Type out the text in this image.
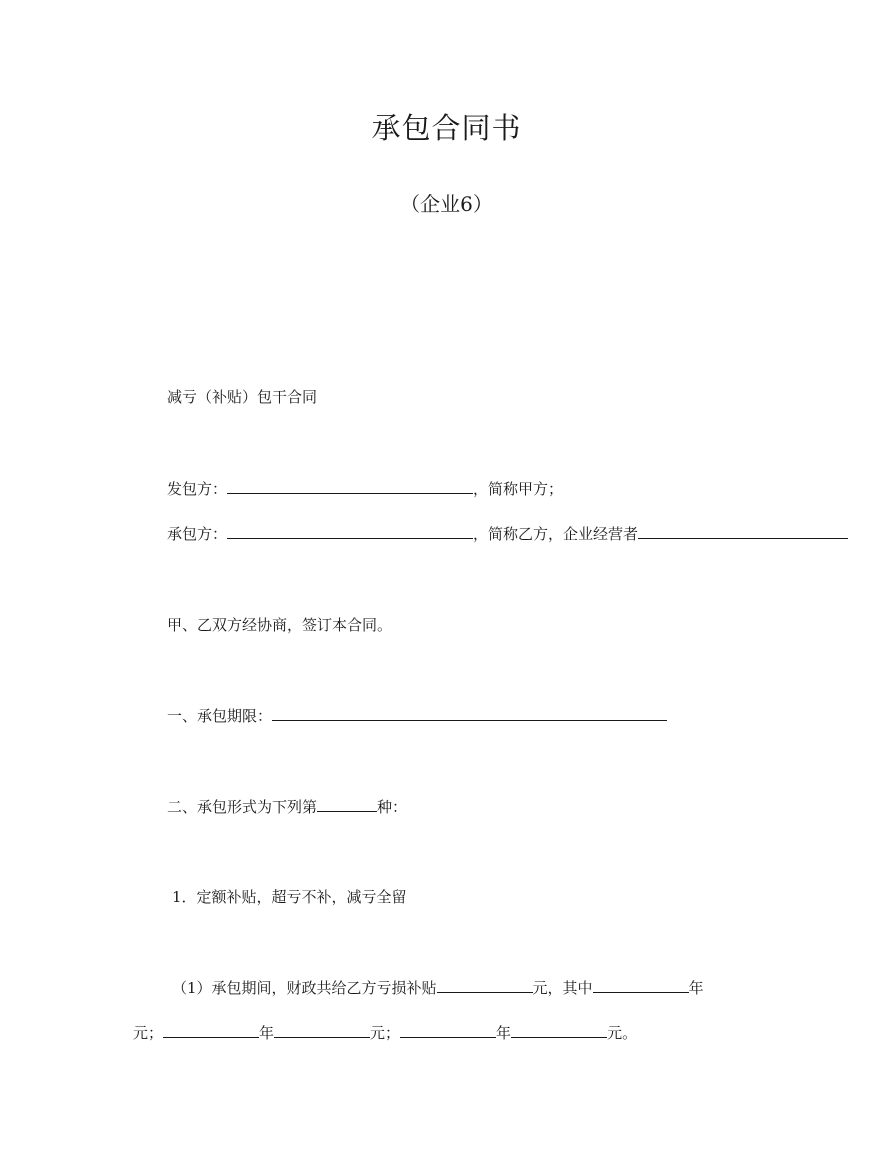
承包合同书
（企业6）
减亏（补贴）包干合同
发包方：	，简称甲方；
承包方：	，简称乙方，企业经营者
甲、乙双方经协商，签订本合同。
一、承包期限：
二、承包形式为下列第	种：
1．定额补贴，超亏不补，减亏全留
（1）承包期间，财政共给乙方亏损补贴	元，其中	年
元；	年	元；	年	元。
